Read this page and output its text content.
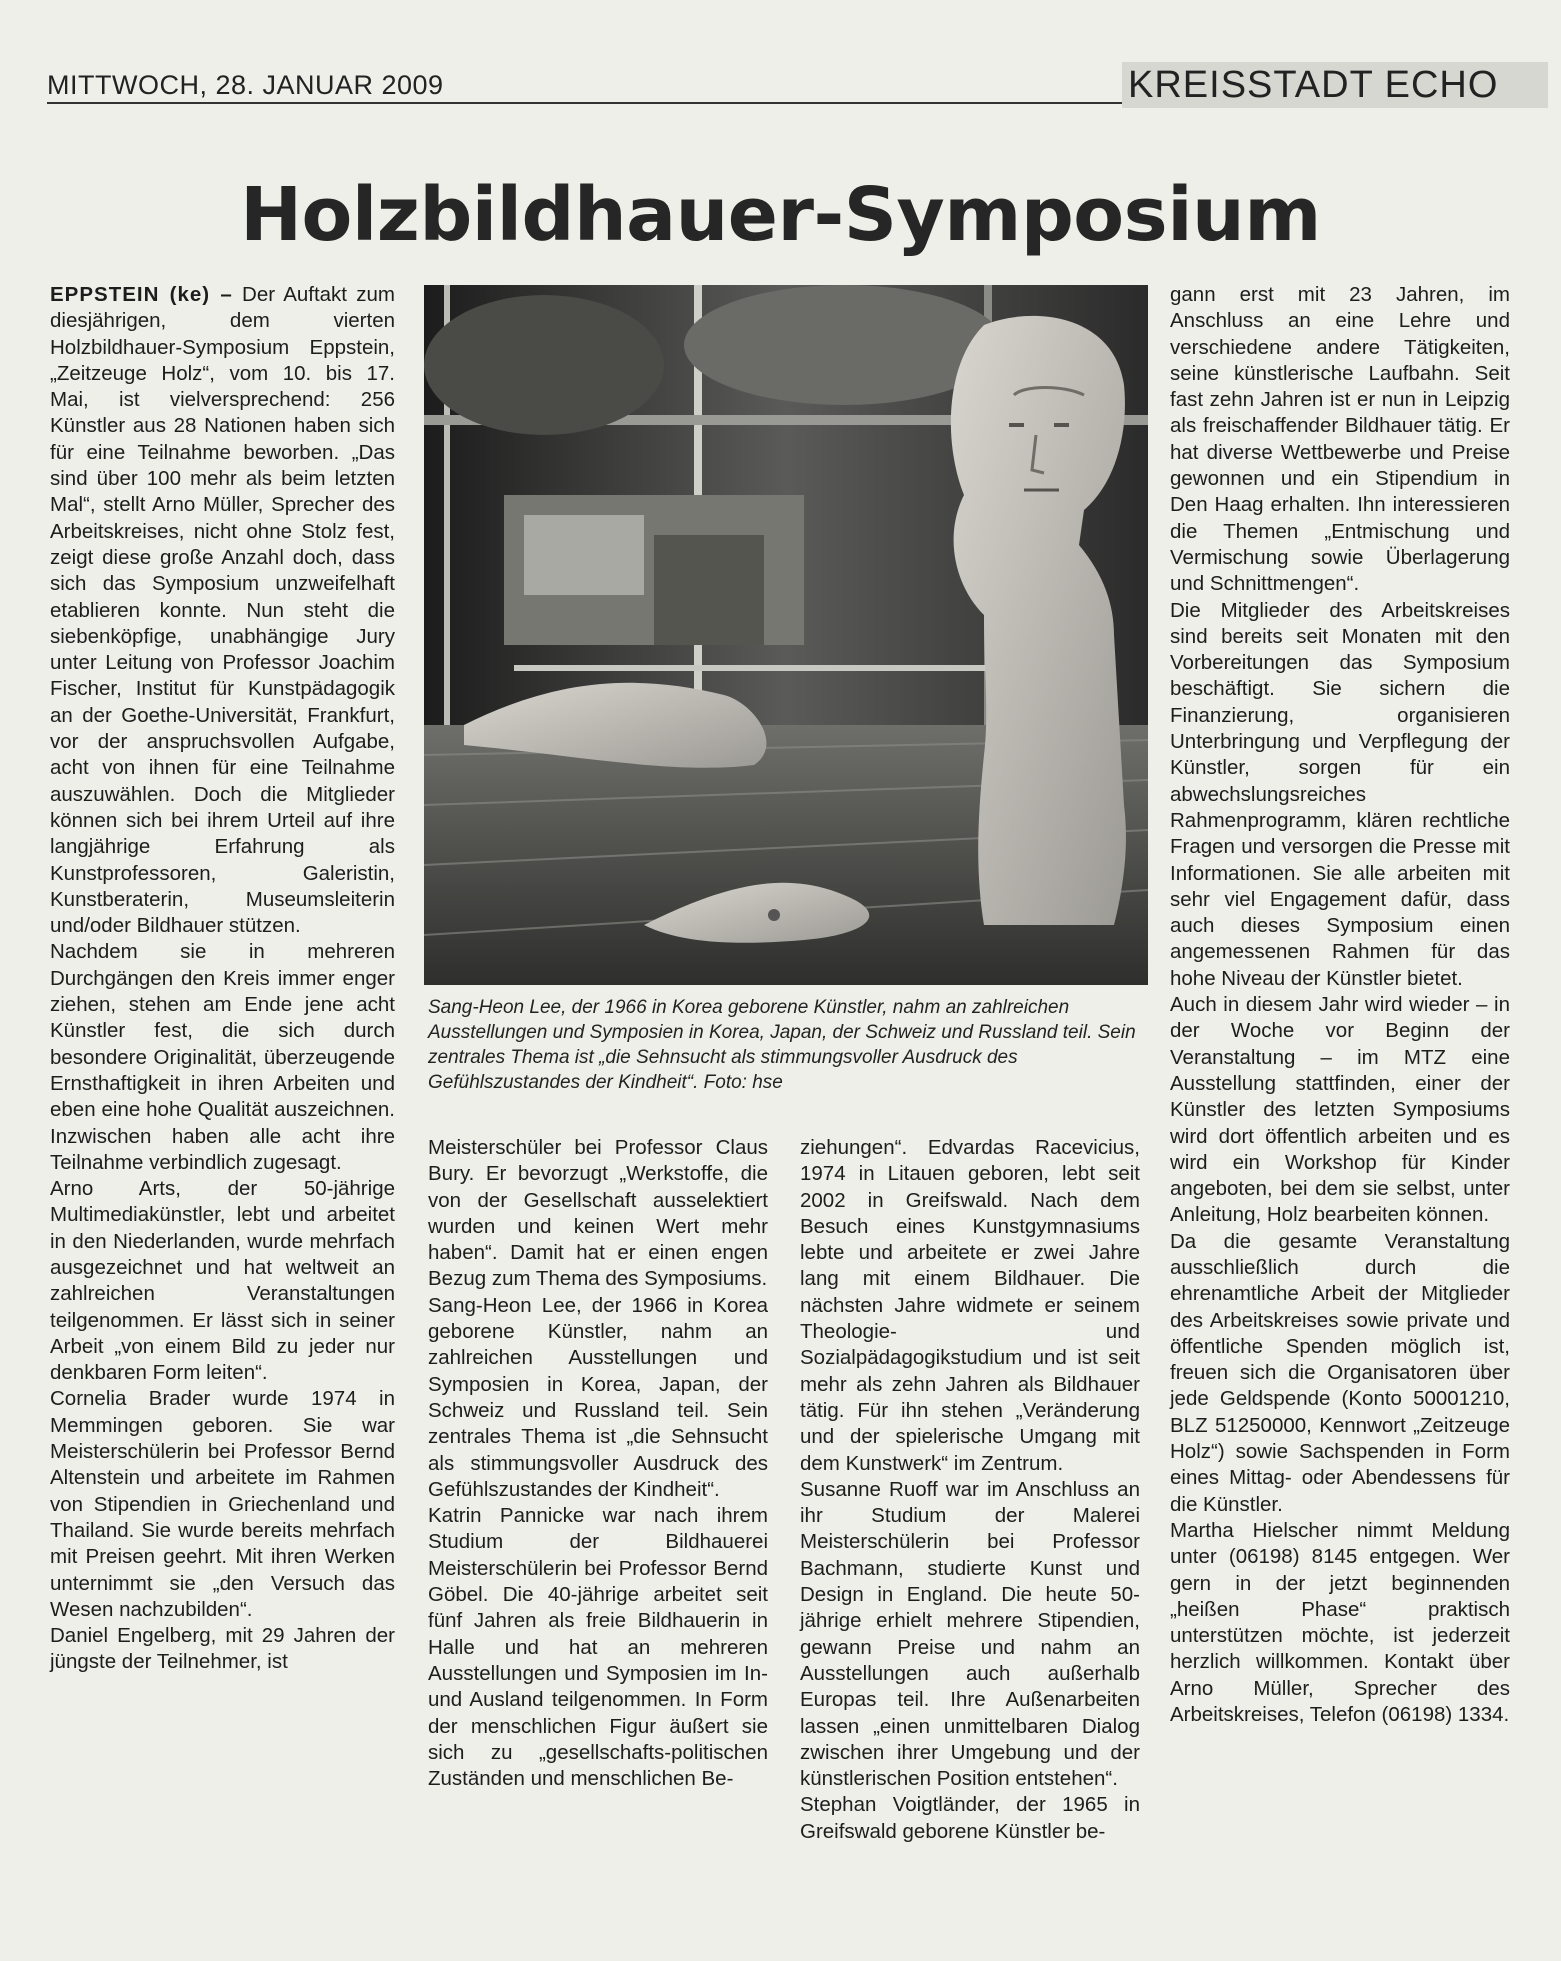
MITTWOCH, 28. JANUAR 2009	KREISSTADT ECHO
Holzbildhauer-Symposium

EPPSTEIN (ke) – Der Auftakt zum diesjährigen, dem vierten Holzbildhauer-Symposium Eppstein, „Zeitzeuge Holz“, vom 10. bis 17. Mai, ist vielversprechend: 256 Künstler aus 28 Nationen haben sich für eine Teilnahme beworben. „Das sind über 100 mehr als beim letzten Mal“, stellt Arno Müller, Sprecher des Arbeitskreises, nicht ohne Stolz fest, zeigt diese große Anzahl doch, dass sich das Symposium unzweifelhaft etablieren konnte. Nun steht die siebenköpfige, unabhängige Jury unter Leitung von Professor Joachim Fischer, Institut für Kunstpädagogik an der Goethe-Universität, Frankfurt, vor der anspruchsvollen Aufgabe, acht von ihnen für eine Teilnahme auszuwählen. Doch die Mitglieder können sich bei ihrem Urteil auf ihre langjährige Erfahrung als Kunstprofessoren, Galeristin, Kunstberaterin, Museumsleiterin und/oder Bildhauer stützen.

Nachdem sie in mehreren Durchgängen den Kreis immer enger ziehen, stehen am Ende jene acht Künstler fest, die sich durch besondere Originalität, überzeugende Ernsthaftigkeit in ihren Arbeiten und eben eine hohe Qualität auszeichnen. Inzwischen haben alle acht ihre Teilnahme verbindlich zugesagt.

Arno Arts, der 50-jährige Multimediakünstler, lebt und arbeitet in den Niederlanden, wurde mehrfach ausgezeichnet und hat weltweit an zahlreichen Veranstaltungen teilgenommen. Er lässt sich in seiner Arbeit „von einem Bild zu jeder nur denkbaren Form leiten“.

Cornelia Brader wurde 1974 in Memmingen geboren. Sie war Meisterschülerin bei Professor Bernd Altenstein und arbeitete im Rahmen von Stipendien in Griechenland und Thailand. Sie wurde bereits mehrfach mit Preisen geehrt. Mit ihren Werken unternimmt sie „den Versuch das Wesen nachzubilden“.

Daniel Engelberg, mit 29 Jahren der jüngste der Teilnehmer, ist

Sang-Heon Lee, der 1966 in Korea geborene Künstler, nahm an zahlreichen Ausstellungen und Symposien in Korea, Japan, der Schweiz und Russland teil. Sein zentrales Thema ist „die Sehnsucht als stimmungsvoller Ausdruck des Gefühlszustandes der Kindheit“. Foto: hse

Meisterschüler bei Professor Claus Bury. Er bevorzugt „Werkstoffe, die von der Gesellschaft ausselektiert wurden und keinen Wert mehr haben“. Damit hat er einen engen Bezug zum Thema des Symposiums.

Sang-Heon Lee, der 1966 in Korea geborene Künstler, nahm an zahlreichen Ausstellungen und Symposien in Korea, Japan, der Schweiz und Russland teil. Sein zentrales Thema ist „die Sehnsucht als stimmungsvoller Ausdruck des Gefühlszustandes der Kindheit“.

Katrin Pannicke war nach ihrem Studium der Bildhauerei Meisterschülerin bei Professor Bernd Göbel. Die 40-jährige arbeitet seit fünf Jahren als freie Bildhauerin in Halle und hat an mehreren Ausstellungen und Symposien im In- und Ausland teilgenommen. In Form der menschlichen Figur äußert sie sich zu „gesellschafts-politischen Zuständen und menschlichen Be-

ziehungen“. Edvardas Racevicius, 1974 in Litauen geboren, lebt seit 2002 in Greifswald. Nach dem Besuch eines Kunstgymnasiums lebte und arbeitete er zwei Jahre lang mit einem Bildhauer. Die nächsten Jahre widmete er seinem Theologie- und Sozialpädagogikstudium und ist seit mehr als zehn Jahren als Bildhauer tätig. Für ihn stehen „Veränderung und der spielerische Umgang mit dem Kunstwerk“ im Zentrum.

Susanne Ruoff war im Anschluss an ihr Studium der Malerei Meisterschülerin bei Professor Bachmann, studierte Kunst und Design in England. Die heute 50-jährige erhielt mehrere Stipendien, gewann Preise und nahm an Ausstellungen auch außerhalb Europas teil. Ihre Außenarbeiten lassen „einen unmittelbaren Dialog zwischen ihrer Umgebung und der künstlerischen Position entstehen“.

Stephan Voigtländer, der 1965 in Greifswald geborene Künstler be-

gann erst mit 23 Jahren, im Anschluss an eine Lehre und verschiedene andere Tätigkeiten, seine künstlerische Laufbahn. Seit fast zehn Jahren ist er nun in Leipzig als freischaffender Bildhauer tätig. Er hat diverse Wettbewerbe und Preise gewonnen und ein Stipendium in Den Haag erhalten. Ihn interessieren die Themen „Entmischung und Vermischung sowie Überlagerung und Schnittmengen“.

Die Mitglieder des Arbeitskreises sind bereits seit Monaten mit den Vorbereitungen das Symposium beschäftigt. Sie sichern die Finanzierung, organisieren Unterbringung und Verpflegung der Künstler, sorgen für ein abwechslungsreiches Rahmenprogramm, klären rechtliche Fragen und versorgen die Presse mit Informationen. Sie alle arbeiten mit sehr viel Engagement dafür, dass auch dieses Symposium einen angemessenen Rahmen für das hohe Niveau der Künstler bietet.

Auch in diesem Jahr wird wieder – in der Woche vor Beginn der Veranstaltung – im MTZ eine Ausstellung stattfinden, einer der Künstler des letzten Symposiums wird dort öffentlich arbeiten und es wird ein Workshop für Kinder angeboten, bei dem sie selbst, unter Anleitung, Holz bearbeiten können.

Da die gesamte Veranstaltung ausschließlich durch die ehrenamtliche Arbeit der Mitglieder des Arbeitskreises sowie private und öffentliche Spenden möglich ist, freuen sich die Organisatoren über jede Geldspende (Konto 50001210, BLZ 51250000, Kennwort „Zeitzeuge Holz“) sowie Sachspenden in Form eines Mittag- oder Abendessens für die Künstler.

Martha Hielscher nimmt Meldung unter (06198) 8145 entgegen. Wer gern in der jetzt beginnenden „heißen Phase“ praktisch unterstützen möchte, ist jederzeit herzlich willkommen. Kontakt über Arno Müller, Sprecher des Arbeitskreises, Telefon (06198) 1334.
